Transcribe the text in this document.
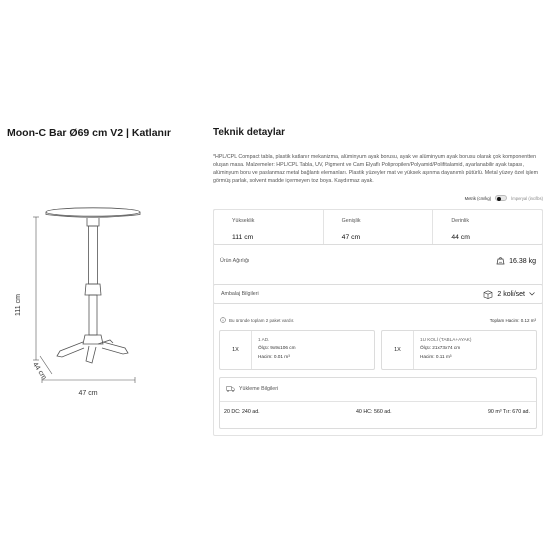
Moon-C Bar Ø69 cm V2 | Katlanır
111 cm
47 cm
44 cm
Teknik detaylar
*HPL/CPL Compact tabla, plastik katlanır mekanizma, alüminyum ayak borusu, ayak ve alüminyum ayak borusu olarak çok komponentten oluşan masa. Malzemeler: HPL/CPL Tabla, UV, Pigment ve Cam Elyaflı Polipropilen/Polyamid/Polifitalamid, ayarlanabilir ayak tapası, alüminyum boru ve paslanmaz metal bağlantı elemanları. Plastik yüzeyler mat ve yüksek aşınma dayanımlı pütürlü. Metal yüzey özel işlem görmüş parlak, solvent madde içermeyen toz boya. Kaydırmaz ayak.
Metrik (cm/kg)	İmperyal (inc/lbs)
Yükseklik
111 cm
Genişlik
47 cm
Derinlik
44 cm
Ürün Ağırlığı	16.38 kg
Ambalaj Bilgileri	2 koli/set
Bu üründe toplam 2 paket vardır.	Toplam Hacim: 0.12 m³
1X
1 AD.
Ölçü: 9x9x106 cm
Hacim: 0.01 m³
1X
1U KOLİ (TABLA+AYAK)
Ölçü: 21x73x74 cm
Hacim: 0.11 m³
Yükleme Bilgileri
20 DC: 240 ad.	40 HC: 560 ad.	90 m³ Tır: 670 ad.
